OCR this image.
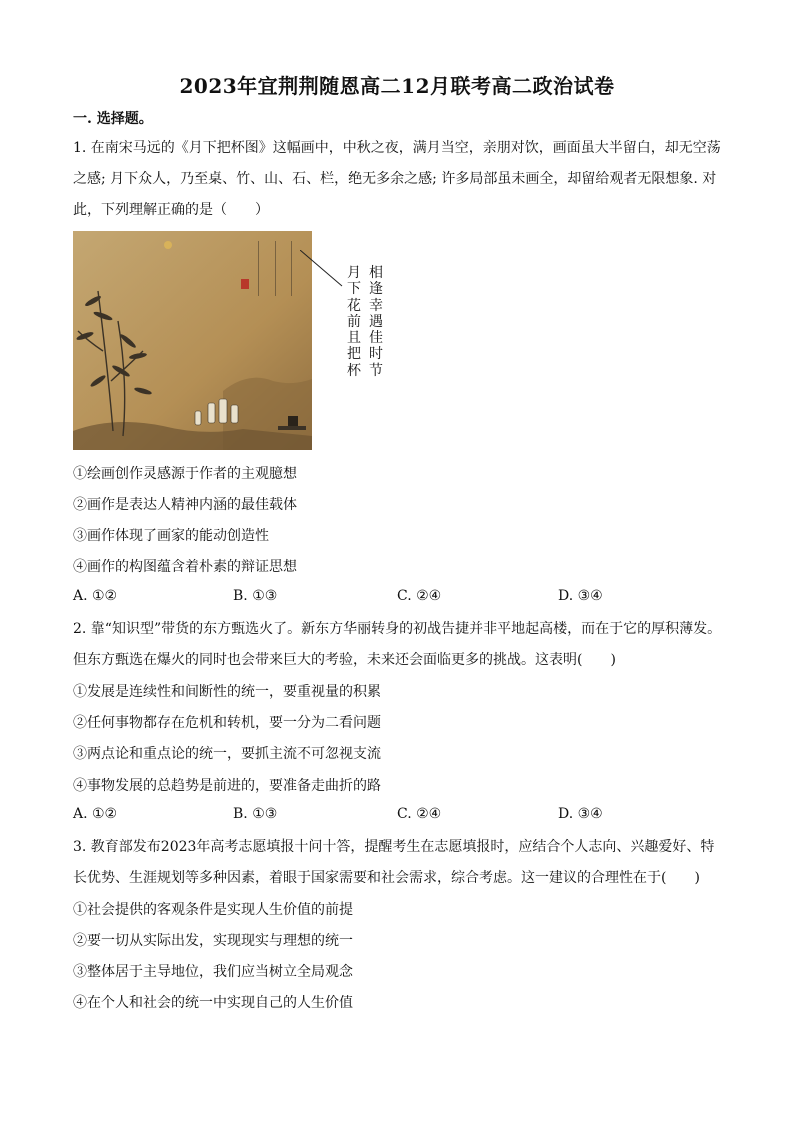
2023年宜荆荆随恩高二12月联考高二政治试卷
一. 选择题。
1. 在南宋马远的《月下把杯图》这幅画中，中秋之夜，满月当空，亲朋对饮，画面虽大半留白，却无空荡之感; 月下众人，乃至桌、竹、山、石、栏，绝无多余之感; 许多局部虽未画全，却留给观者无限想象. 对此，下列理解正确的是（　　）
相逢幸遇佳时节
月下花前且把杯
①绘画创作灵感源于作者的主观臆想
②画作是表达人精神内涵的最佳载体
③画作体现了画家的能动创造性
④画作的构图蕴含着朴素的辩证思想
A. ①②	B. ①③	C. ②④	D. ③④
2. 靠“知识型”带货的东方甄选火了。新东方华丽转身的初战告捷并非平地起高楼，而在于它的厚积薄发。但东方甄选在爆火的同时也会带来巨大的考验，未来还会面临更多的挑战。这表明(　　)
①发展是连续性和间断性的统一，要重视量的积累
②任何事物都存在危机和转机，要一分为二看问题
③两点论和重点论的统一，要抓主流不可忽视支流
④事物发展的总趋势是前进的，要准备走曲折的路
A. ①②	B. ①③	C. ②④	D. ③④
3. 教育部发布2023年高考志愿填报十问十答，提醒考生在志愿填报时，应结合个人志向、兴趣爱好、特长优势、生涯规划等多种因素，着眼于国家需要和社会需求，综合考虑。这一建议的合理性在于(　　)
①社会提供的客观条件是实现人生价值的前提
②要一切从实际出发，实现现实与理想的统一
③整体居于主导地位，我们应当树立全局观念
④在个人和社会的统一中实现自己的人生价值
